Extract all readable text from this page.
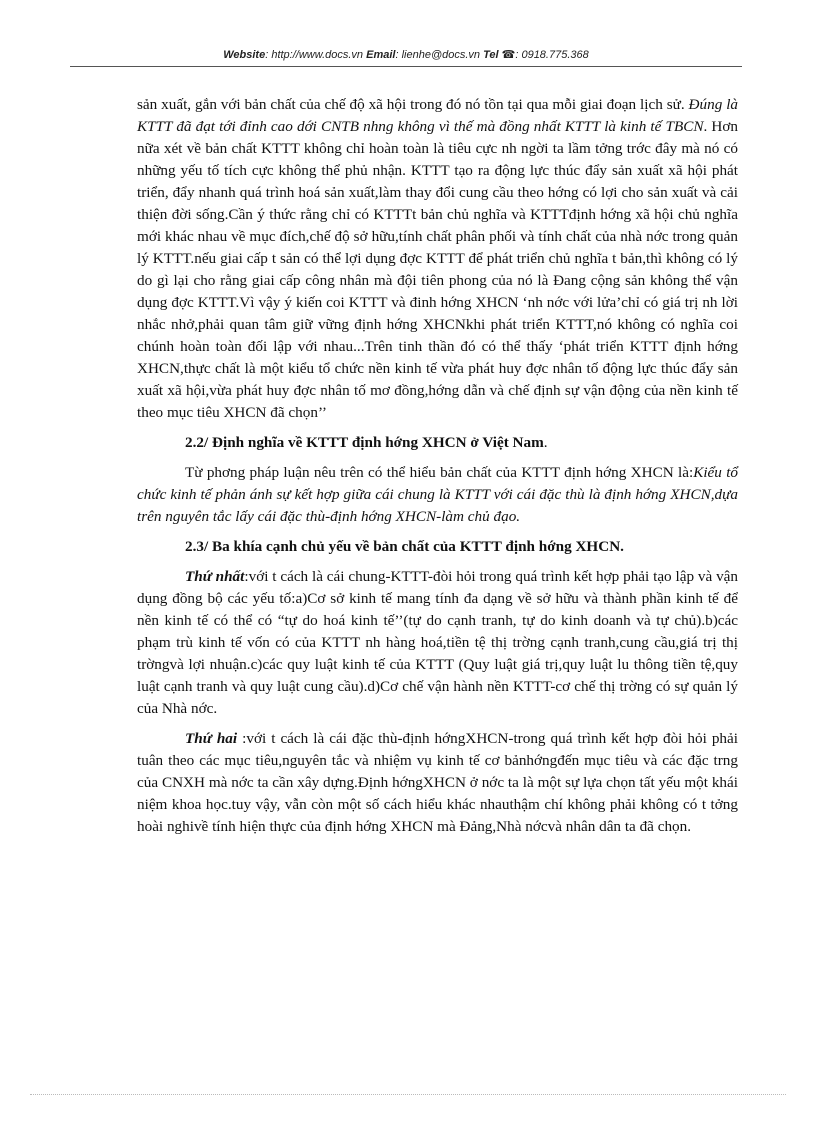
Website: http://www.docs.vn Email: lienhe@docs.vn Tel ☎: 0918.775.368

sản xuất, gắn với bản chất của chế độ xã hội trong đó nó tồn tại qua mỗi giai đoạn lịch sử. Đúng là KTTT đã đạt tới đỉnh cao dới CNTB nhng không vì thế mà đồng nhất KTTT là kinh tế TBCN. Hơn nữa xét về bản chất KTTT không chỉ hoàn toàn là tiêu cực nh ngời ta lầm tởng trớc đây mà nó có những yếu tố tích cực không thể phủ nhận. KTTT tạo ra động lực thúc đẩy sản xuất xã hội phát triển, đẩy nhanh quá trình hoá sản xuất,làm thay đổi cung cầu theo hớng có lợi cho sản xuất và cải thiện đời sống.Cần ý thức rằng chỉ có KTTTt bản chủ nghĩa và KTTTđịnh hớng xã hội chủ nghĩa mới khác nhau về mục đích,chế độ sở hữu,tính chất phân phối và tính chất của nhà nớc trong quản lý KTTT.nếu giai cấp t sản có thể lợi dụng đợc KTTT để phát triển chủ nghĩa t bản,thì không có lý do gì lại cho rằng giai cấp công nhân mà đội tiên phong của nó là Đang cộng sản không thể vận dụng đợc KTTT.Vì vậy ý kiến coi KTTT và đinh hớng XHCN ‘nh nớc với lửa’chỉ có giá trị nh lời nhắc nhở,phải quan tâm giữ vững định hớng XHCNkhi phát triển KTTT,nó không có nghĩa coi chúnh hoàn toàn đối lập với nhau...Trên tinh thần đó có thể thấy ‘phát triển KTTT định hớng XHCN,thực chất là một kiểu tổ chức nền kinh tế vừa phát huy đợc nhân tố động lực thúc đẩy sản xuất xã hội,vừa phát huy đợc nhân tố mơ đồng,hớng dẫn và chế định sự vận động của nền kinh tế theo mục tiêu XHCN đã chọn’’

2.2/ Định nghĩa về KTTT định hớng XHCN ở Việt Nam.

Từ phơng pháp luận nêu trên có thể hiểu bản chất của KTTT định hớng XHCN là:Kiểu tổ chức kinh tế phản ánh sự kết hợp giữa cái chung là KTTT với cái đặc thù là định hớng XHCN,dựa trên nguyên tắc lấy cái đặc thù-định hớng XHCN-làm chủ đạo.

2.3/ Ba khía cạnh chủ yếu về bản chất của KTTT định hớng XHCN.

Thứ nhất:với t cách là cái chung-KTTT-đòi hỏi trong quá trình kết hợp phải tạo lập và vận dụng đồng bộ các yếu tố:a)Cơ sở kinh tế mang tính đa dạng về sở hữu và thành phần kinh tế để nền kinh tế có thể có “tự do hoá kinh tế’’(tự do cạnh tranh, tự do kinh doanh và tự chủ).b)các phạm trù kinh tế vốn có của KTTT nh hàng hoá,tiền tệ thị trờng cạnh tranh,cung cầu,giá trị thị trờngvà lợi nhuận.c)các quy luật kinh tế của KTTT (Quy luật giá trị,quy luật lu thông tiền tệ,quy luật cạnh tranh và quy luật cung cầu).d)Cơ chế vận hành nền KTTT-cơ chế thị trờng có sự quản lý của Nhà nớc.

Thứ hai :với t cách là cái đặc thù-định hớngXHCN-trong quá trình kết hợp đòi hỏi phải tuân theo các mục tiêu,nguyên tắc và nhiệm vụ kinh tế cơ bảnhớngđến mục tiêu và các đặc trng của CNXH mà nớc ta cần xây dựng.Định hớngXHCN ở nớc ta là một sự lựa chọn tất yếu một khái niệm khoa học.tuy vậy, vẫn còn một số cách hiểu khác nhauthậm chí không phải không có t tởng hoài nghivề tính hiện thực của định hớng XHCN mà Đảng,Nhà nớcvà nhân dân ta đã chọn.
